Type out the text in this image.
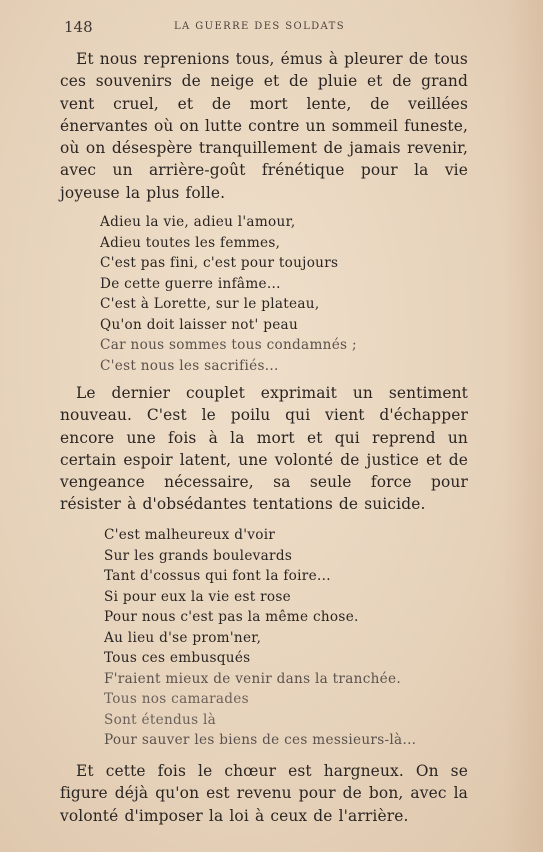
148	LA GUERRE DES SOLDATS

Et nous reprenions tous, émus à pleurer de tous ces souvenirs de neige et de pluie et de grand vent cruel, et de mort lente, de veillées énervantes où on lutte contre un sommeil funeste, où on désespère tranquillement de jamais revenir, avec un arrière-goût frénétique pour la vie joyeuse la plus folle.

Adieu la vie, adieu l'amour,
Adieu toutes les femmes,
C'est pas fini, c'est pour toujours
De cette guerre infâme...
C'est à Lorette, sur le plateau,
Qu'on doit laisser not' peau
Car nous sommes tous condamnés ;
C'est nous les sacrifiés...

Le dernier couplet exprimait un sentiment nouveau. C'est le poilu qui vient d'échapper encore une fois à la mort et qui reprend un certain espoir latent, une volonté de justice et de vengeance nécessaire, sa seule force pour résister à d'obsédantes tentations de suicide.

C'est malheureux d'voir
Sur les grands boulevards
Tant d'cossus qui font la foire...
Si pour eux la vie est rose
Pour nous c'est pas la même chose.
Au lieu d'se prom'ner,
Tous ces embusqués
F'raient mieux de venir dans la tranchée.
Tous nos camarades
Sont étendus là
Pour sauver les biens de ces messieurs-là...

Et cette fois le chœur est hargneux. On se figure déjà qu'on est revenu pour de bon, avec la volonté d'imposer la loi à ceux de l'arrière.
